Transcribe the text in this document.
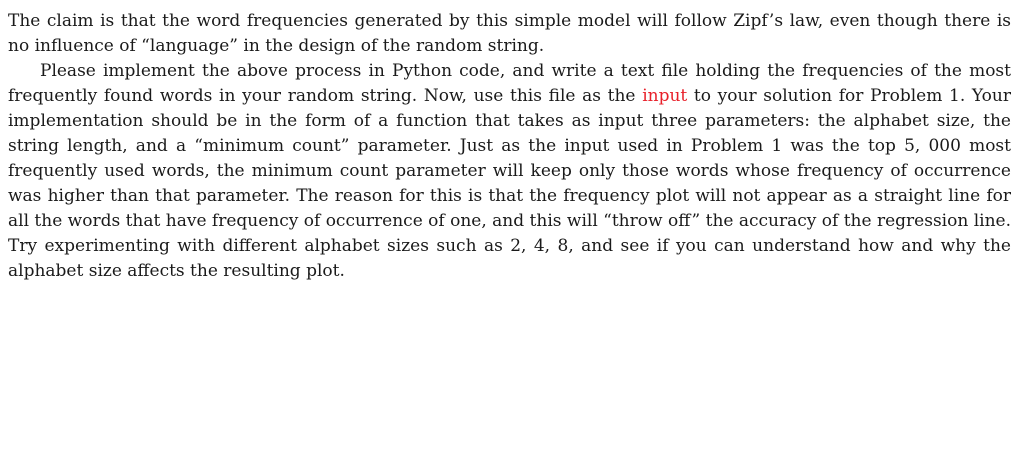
The claim is that the word frequencies generated by this simple model will follow Zipf’s law, even though there is no influence of “language” in the design of the random string.

Please implement the above process in Python code, and write a text file holding the frequencies of the most frequently found words in your random string. Now, use this file as the input to your solution for Problem 1. Your implementation should be in the form of a function that takes as input three parameters: the alphabet size, the string length, and a “minimum count” parameter. Just as the input used in Problem 1 was the top 5, 000 most frequently used words, the minimum count parameter will keep only those words whose frequency of occurrence was higher than that parameter. The reason for this is that the frequency plot will not appear as a straight line for all the words that have frequency of occurrence of one, and this will “throw off” the accuracy of the regression line. Try experimenting with different alphabet sizes such as 2, 4, 8, and see if you can understand how and why the alphabet size affects the resulting plot.
